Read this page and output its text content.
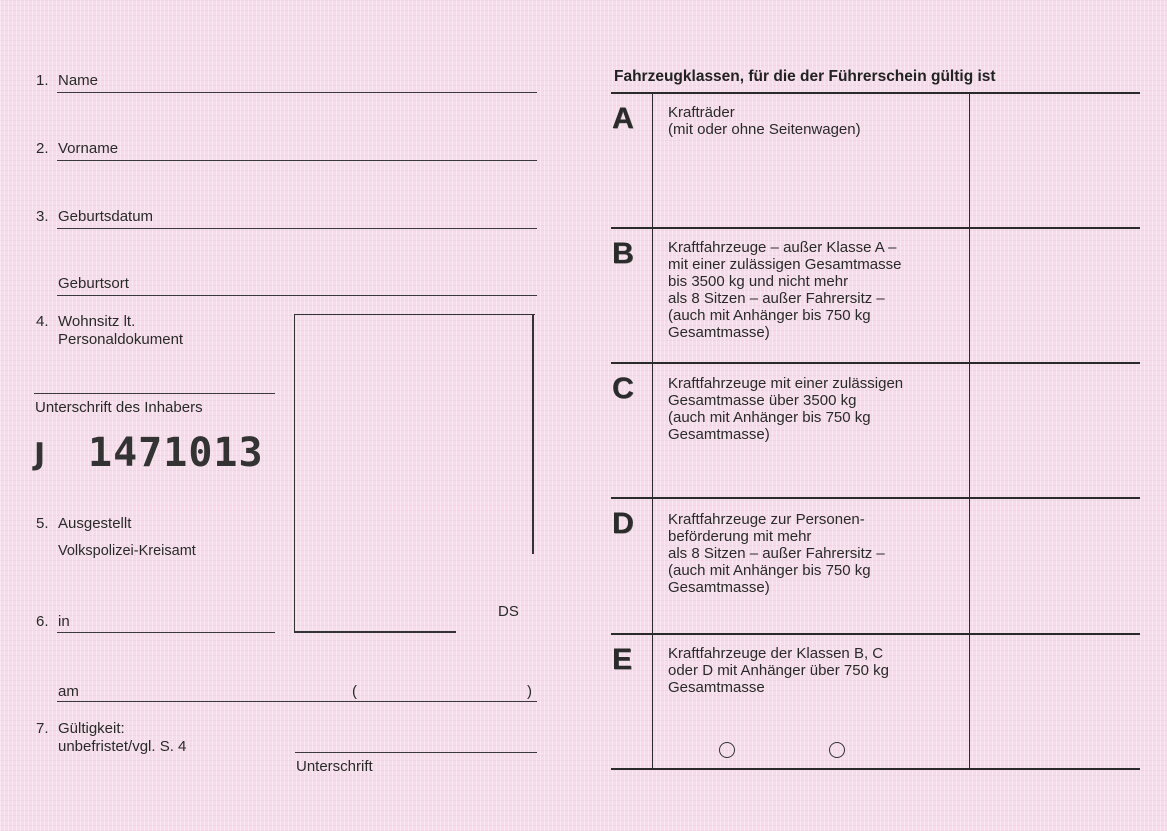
1. Name
2. Vorname
3. Geburtsdatum
Geburtsort
4. Wohnsitz lt.
Personaldokument
Unterschrift des Inhabers
J 1471013
5. Ausgestellt
Volkspolizei-Kreisamt
6. in
DS
am	(	)
7. Gültigkeit:
unbefristet/vgl. S. 4
Unterschrift
Fahrzeugklassen, für die der Führerschein gültig ist
A Krafträder
(mit oder ohne Seitenwagen)
B Kraftfahrzeuge – außer Klasse A –
mit einer zulässigen Gesamtmasse
bis 3500 kg und nicht mehr
als 8 Sitzen – außer Fahrersitz –
(auch mit Anhänger bis 750 kg
Gesamtmasse)
C Kraftfahrzeuge mit einer zulässigen
Gesamtmasse über 3500 kg
(auch mit Anhänger bis 750 kg
Gesamtmasse)
D Kraftfahrzeuge zur Personen-
beförderung mit mehr
als 8 Sitzen – außer Fahrersitz –
(auch mit Anhänger bis 750 kg
Gesamtmasse)
E Kraftfahrzeuge der Klassen B, C
oder D mit Anhänger über 750 kg
Gesamtmasse
